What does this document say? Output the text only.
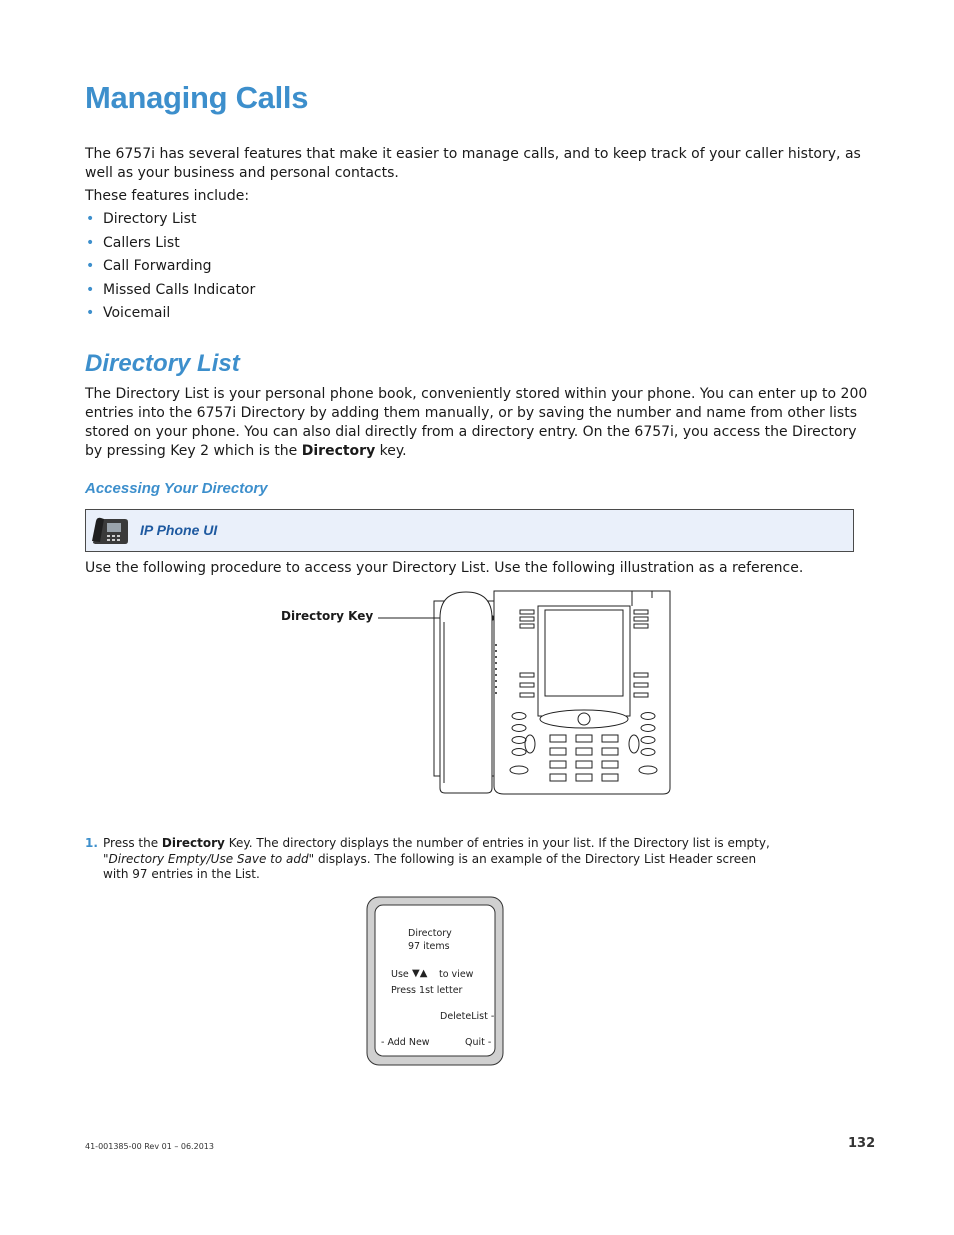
Managing Calls
The 6757i has several features that make it easier to manage calls, and to keep track of your caller history, as well as your business and personal contacts.
These features include:
• Directory List
• Callers List
• Call Forwarding
• Missed Calls Indicator
• Voicemail
Directory List
The Directory List is your personal phone book, conveniently stored within your phone. You can enter up to 200 entries into the 6757i Directory by adding them manually, or by saving the number and name from other lists stored on your phone. You can also dial directly from a directory entry. On the 6757i, you access the Directory by pressing Key 2 which is the Directory key.
Accessing Your Directory
IP Phone UI
Use the following procedure to access your Directory List. Use the following illustration as a reference.
Directory Key
1. Press the Directory Key. The directory displays the number of entries in your list. If the Directory list is empty, "Directory Empty/Use Save to add" displays. The following is an example of the Directory List Header screen with 97 entries in the List.
Directory
97 items
Use ▼▲ to view
Press 1st letter
DeleteList -
- Add New	Quit -
41-001385-00 Rev 01 – 06.2013	132
